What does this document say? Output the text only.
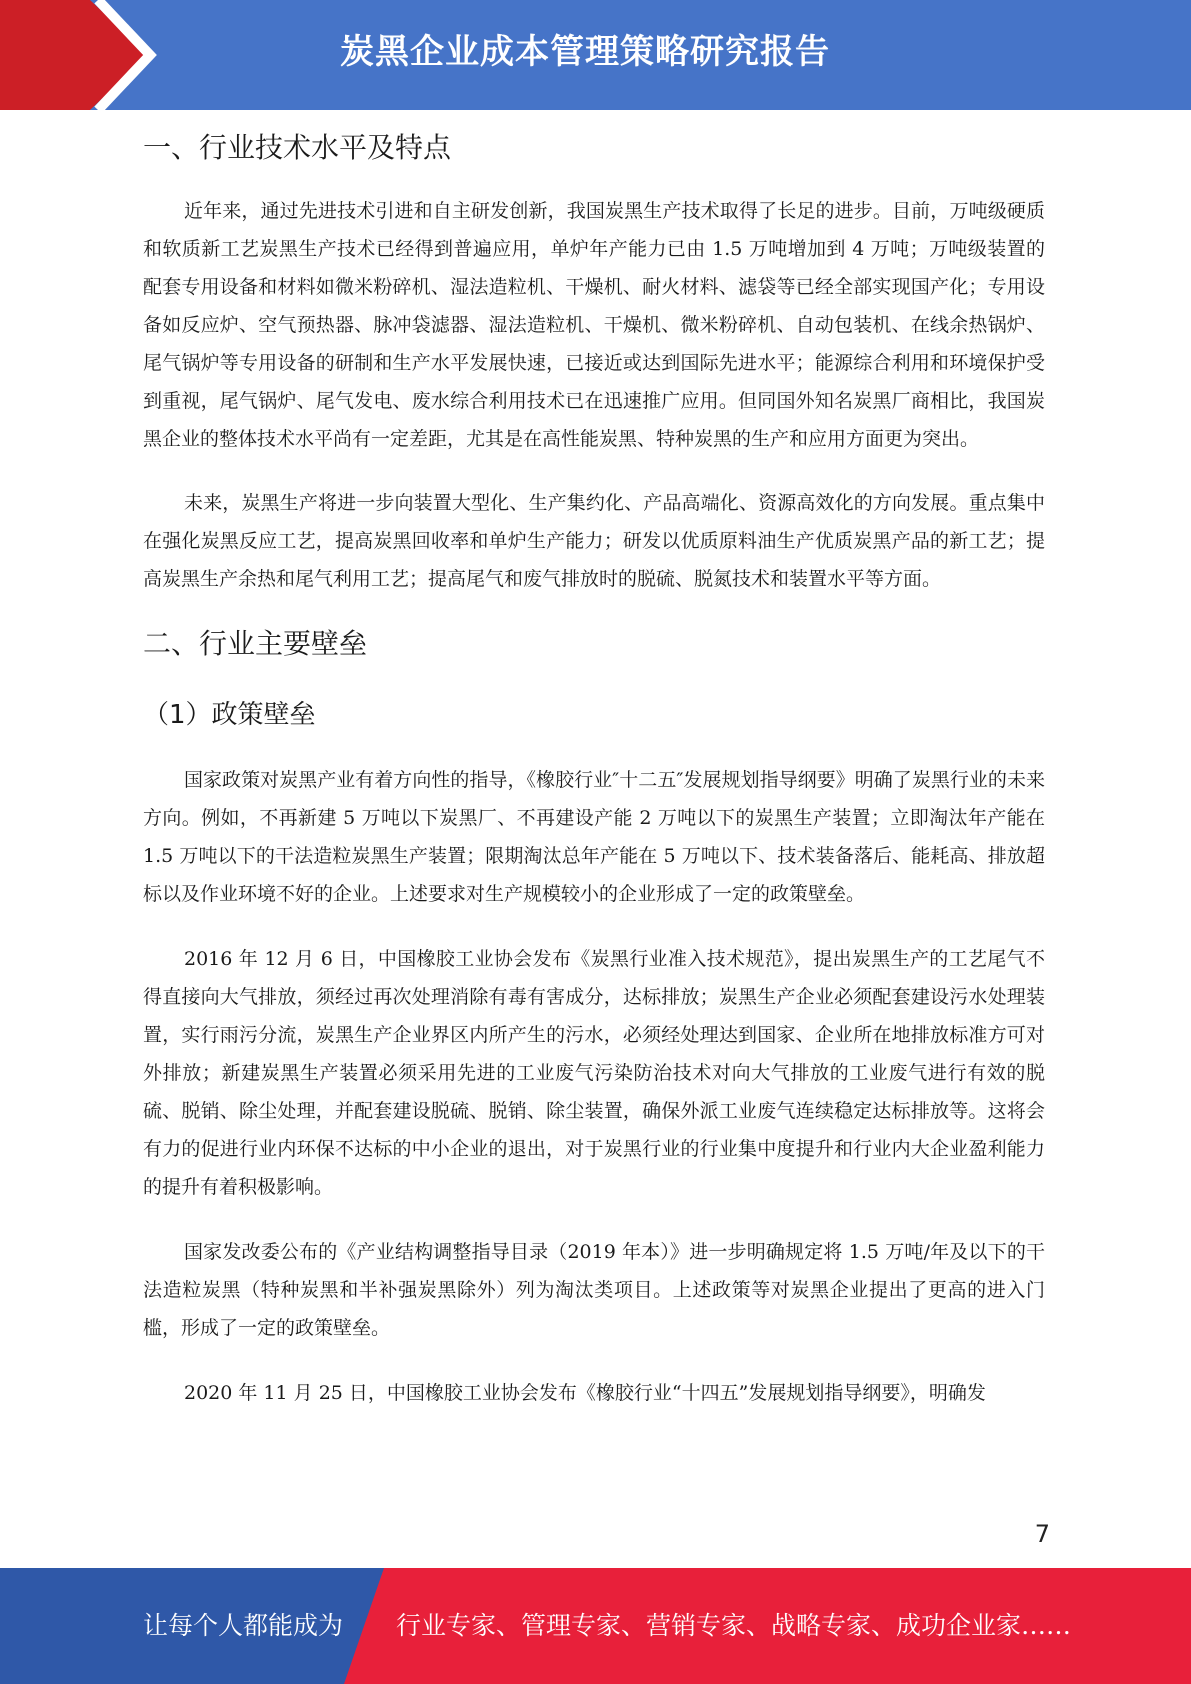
炭黑企业成本管理策略研究报告
一、行业技术水平及特点

近年来，通过先进技术引进和自主研发创新，我国炭黑生产技术取得了长足的进步。目前，万吨级硬质和软质新工艺炭黑生产技术已经得到普遍应用，单炉年产能力已由 1.5 万吨增加到 4 万吨；万吨级装置的配套专用设备和材料如微米粉碎机、湿法造粒机、干燥机、耐火材料、滤袋等已经全部实现国产化；专用设备如反应炉、空气预热器、脉冲袋滤器、湿法造粒机、干燥机、微米粉碎机、自动包装机、在线余热锅炉、尾气锅炉等专用设备的研制和生产水平发展快速，已接近或达到国际先进水平；能源综合利用和环境保护受到重视，尾气锅炉、尾气发电、废水综合利用技术已在迅速推广应用。但同国外知名炭黑厂商相比，我国炭黑企业的整体技术水平尚有一定差距，尤其是在高性能炭黑、特种炭黑的生产和应用方面更为突出。

未来，炭黑生产将进一步向装置大型化、生产集约化、产品高端化、资源高效化的方向发展。重点集中在强化炭黑反应工艺，提高炭黑回收率和单炉生产能力；研发以优质原料油生产优质炭黑产品的新工艺；提高炭黑生产余热和尾气利用工艺；提高尾气和废气排放时的脱硫、脱氮技术和装置水平等方面。

二、行业主要壁垒
（1）政策壁垒

国家政策对炭黑产业有着方向性的指导，《橡胶行业″十二五″发展规划指导纲要》明确了炭黑行业的未来方向。例如，不再新建 5 万吨以下炭黑厂、不再建设产能 2 万吨以下的炭黑生产装置；立即淘汰年产能在 1.5 万吨以下的干法造粒炭黑生产装置；限期淘汰总年产能在 5 万吨以下、技术装备落后、能耗高、排放超标以及作业环境不好的企业。上述要求对生产规模较小的企业形成了一定的政策壁垒。

2016 年 12 月 6 日，中国橡胶工业协会发布《炭黑行业准入技术规范》，提出炭黑生产的工艺尾气不得直接向大气排放，须经过再次处理消除有毒有害成分，达标排放；炭黑生产企业必须配套建设污水处理装置，实行雨污分流，炭黑生产企业界区内所产生的污水，必须经处理达到国家、企业所在地排放标准方可对外排放；新建炭黑生产装置必须采用先进的工业废气污染防治技术对向大气排放的工业废气进行有效的脱硫、脱销、除尘处理，并配套建设脱硫、脱销、除尘装置，确保外派工业废气连续稳定达标排放等。这将会有力的促进行业内环保不达标的中小企业的退出，对于炭黑行业的行业集中度提升和行业内大企业盈利能力的提升有着积极影响。

国家发改委公布的《产业结构调整指导目录（2019 年本）》进一步明确规定将 1.5 万吨/年及以下的干法造粒炭黑（特种炭黑和半补强炭黑除外）列为淘汰类项目。上述政策等对炭黑企业提出了更高的进入门槛，形成了一定的政策壁垒。

2020 年 11 月 25 日，中国橡胶工业协会发布《橡胶行业“十四五”发展规划指导纲要》，明确发

7
让每个人都能成为	行业专家、管理专家、营销专家、战略专家、成功企业家……
